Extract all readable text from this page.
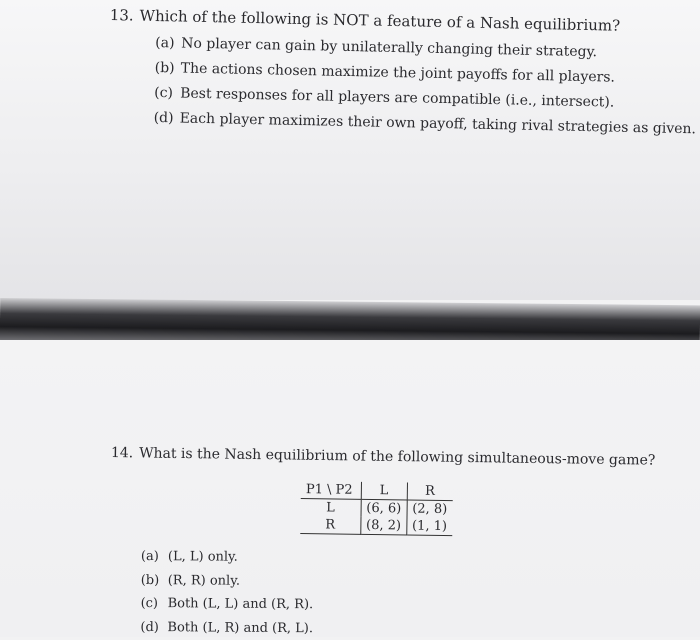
13. Which of the following is NOT a feature of a Nash equilibrium?
(a) No player can gain by unilaterally changing their strategy.
(b) The actions chosen maximize the joint payoffs for all players.
(c) Best responses for all players are compatible (i.e., intersect).
(d) Each player maximizes their own payoff, taking rival strategies as given.
14. What is the Nash equilibrium of the following simultaneous-move game?
P1 \ P2	L	R
L	(6, 6)	(2, 8)
R	(8, 2)	(1, 1)
(a) (L, L) only.
(b) (R, R) only.
(c) Both (L, L) and (R, R).
(d) Both (L, R) and (R, L).
